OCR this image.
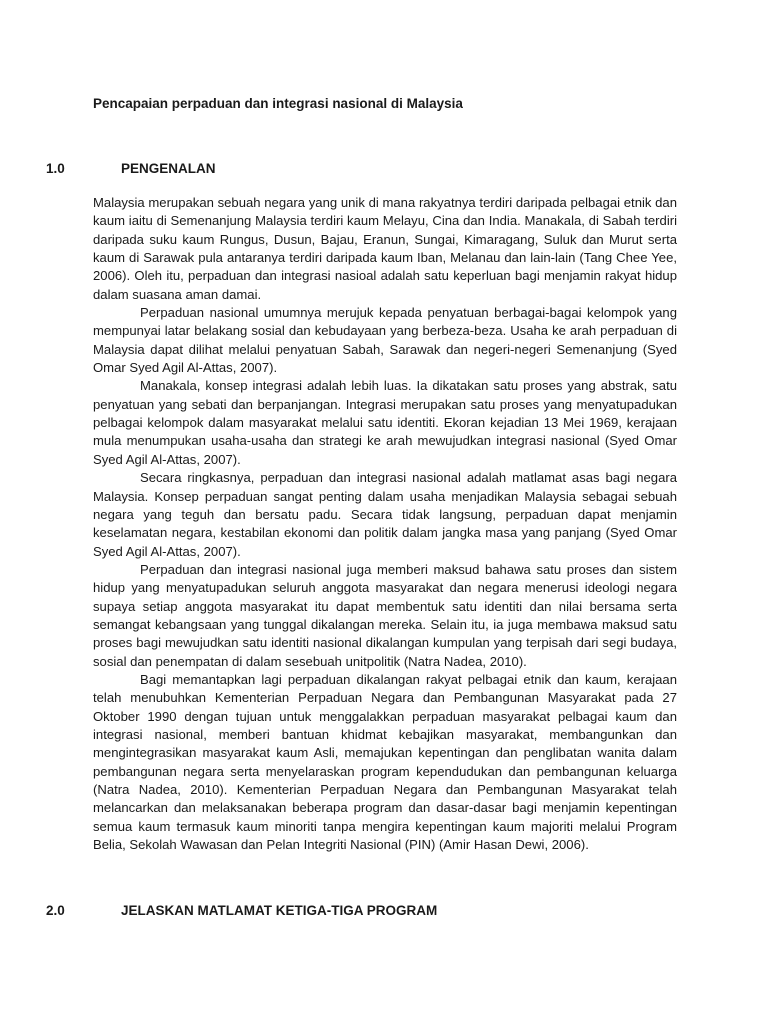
Pencapaian perpaduan dan integrasi nasional di Malaysia
1.0	PENGENALAN

Malaysia merupakan sebuah negara yang unik di mana rakyatnya terdiri daripada pelbagai etnik dan kaum iaitu di Semenanjung Malaysia terdiri kaum Melayu, Cina dan India. Manakala, di Sabah terdiri daripada suku kaum Rungus, Dusun, Bajau, Eranun, Sungai, Kimaragang, Suluk dan Murut serta kaum di Sarawak pula antaranya terdiri daripada kaum Iban, Melanau dan lain-lain (Tang Chee Yee, 2006). Oleh itu, perpaduan dan integrasi nasioal adalah satu keperluan bagi menjamin rakyat hidup dalam suasana aman damai.

Perpaduan nasional umumnya merujuk kepada penyatuan berbagai-bagai kelompok yang mempunyai latar belakang sosial dan kebudayaan yang berbeza-beza. Usaha ke arah perpaduan di Malaysia dapat dilihat melalui penyatuan Sabah, Sarawak dan negeri-negeri Semenanjung (Syed Omar Syed Agil Al-Attas, 2007).

Manakala, konsep integrasi adalah lebih luas. Ia dikatakan satu proses yang abstrak, satu penyatuan yang sebati dan berpanjangan. Integrasi merupakan satu proses yang menyatupadukan pelbagai kelompok dalam masyarakat melalui satu identiti. Ekoran kejadian 13 Mei 1969, kerajaan mula menumpukan usaha-usaha dan strategi ke arah mewujudkan integrasi nasional (Syed Omar Syed Agil Al-Attas, 2007).

Secara ringkasnya, perpaduan dan integrasi nasional adalah matlamat asas bagi negara Malaysia. Konsep perpaduan sangat penting dalam usaha menjadikan Malaysia sebagai sebuah negara yang teguh dan bersatu padu. Secara tidak langsung, perpaduan dapat menjamin keselamatan negara, kestabilan ekonomi dan politik dalam jangka masa yang panjang (Syed Omar Syed Agil Al-Attas, 2007).

Perpaduan dan integrasi nasional juga memberi maksud bahawa satu proses dan sistem hidup yang menyatupadukan seluruh anggota masyarakat dan negara menerusi ideologi negara supaya setiap anggota masyarakat itu dapat membentuk satu identiti dan nilai bersama serta semangat kebangsaan yang tunggal dikalangan mereka. Selain itu, ia juga membawa maksud satu proses bagi mewujudkan satu identiti nasional dikalangan kumpulan yang terpisah dari segi budaya, sosial dan penempatan di dalam sesebuah unitpolitik (Natra Nadea, 2010).

Bagi memantapkan lagi perpaduan dikalangan rakyat pelbagai etnik dan kaum, kerajaan telah menubuhkan Kementerian Perpaduan Negara dan Pembangunan Masyarakat pada 27 Oktober 1990 dengan tujuan untuk menggalakkan perpaduan masyarakat pelbagai kaum dan integrasi nasional, memberi bantuan khidmat kebajikan masyarakat, membangunkan dan mengintegrasikan masyarakat kaum Asli, memajukan kepentingan dan penglibatan wanita dalam pembangunan negara serta menyelaraskan program kependudukan dan pembangunan keluarga (Natra Nadea, 2010). Kementerian Perpaduan Negara dan Pembangunan Masyarakat telah melancarkan dan melaksanakan beberapa program dan dasar-dasar bagi menjamin kepentingan semua kaum termasuk kaum minoriti tanpa mengira kepentingan kaum majoriti melalui Program Belia, Sekolah Wawasan dan Pelan Integriti Nasional (PIN) (Amir Hasan Dewi, 2006).

2.0	JELASKAN MATLAMAT KETIGA-TIGA PROGRAM
